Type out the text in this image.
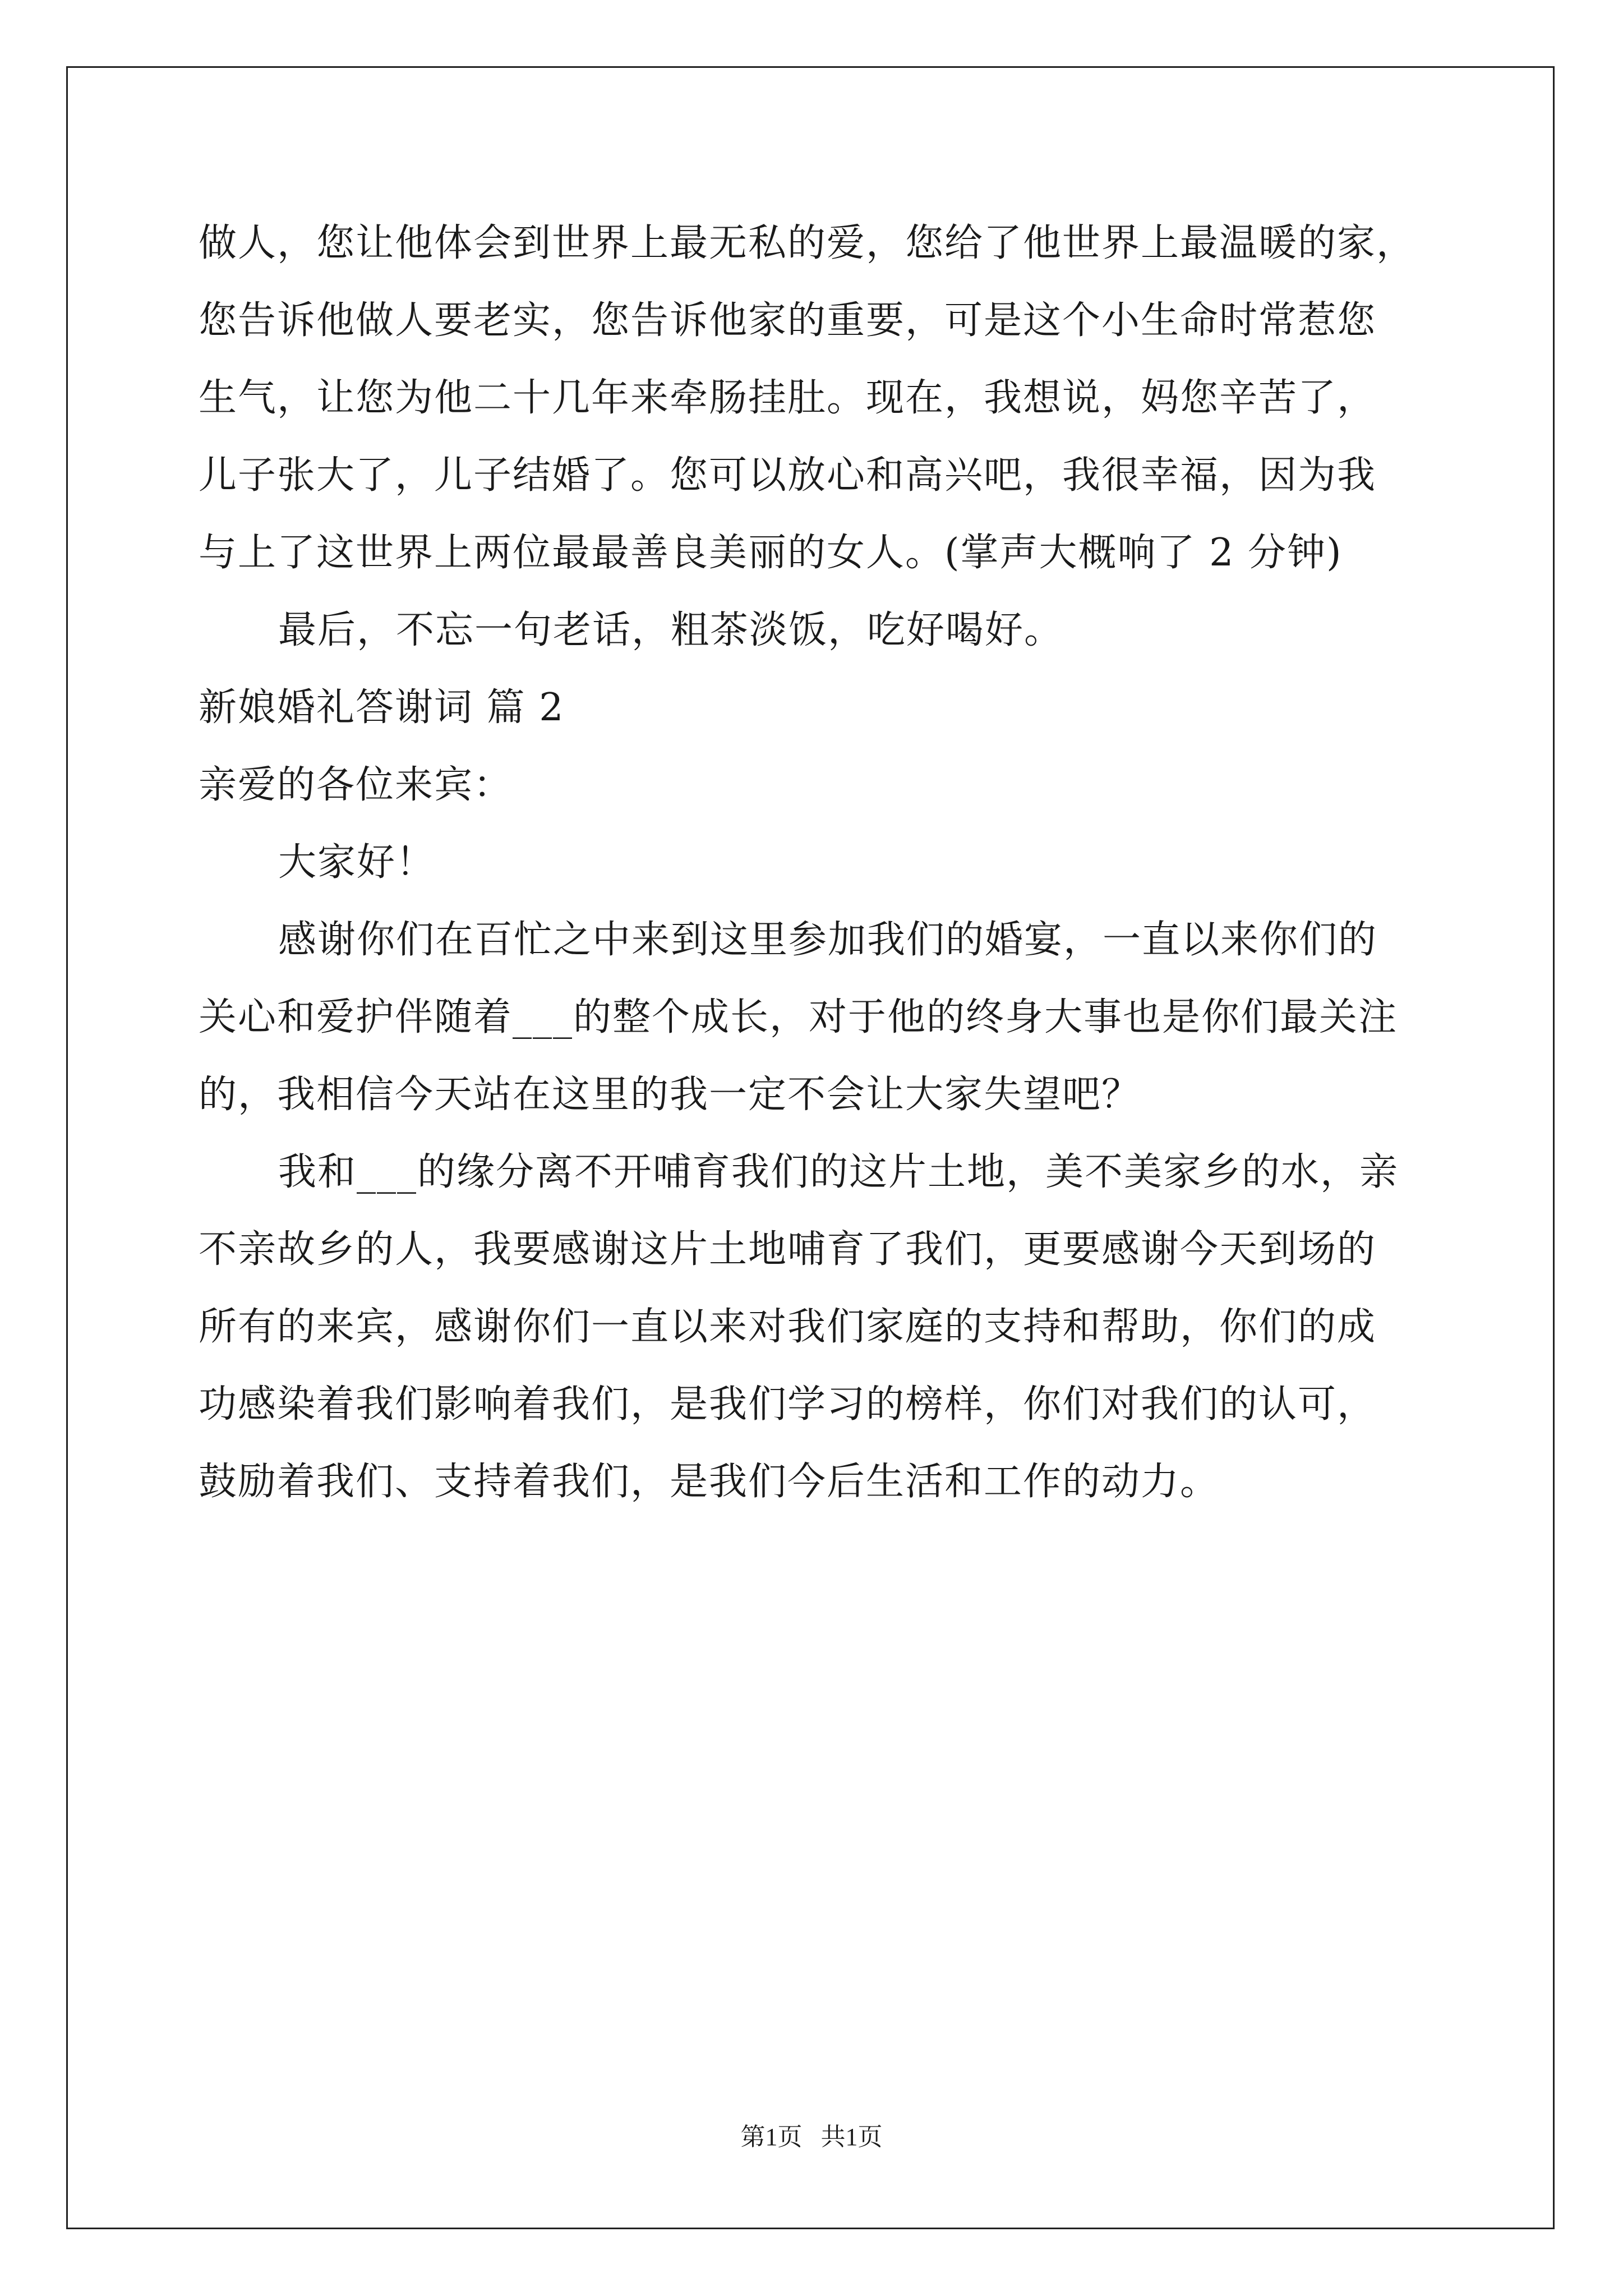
做人，您让他体会到世界上最无私的爱，您给了他世界上最温暖的家，
您告诉他做人要老实，您告诉他家的重要，可是这个小生命时常惹您
生气，让您为他二十几年来牵肠挂肚。现在，我想说，妈您辛苦了，
儿子张大了，儿子结婚了。您可以放心和高兴吧，我很幸福，因为我
与上了这世界上两位最最善良美丽的女人。(掌声大概响了 2 分钟)
最后，不忘一句老话，粗茶淡饭，吃好喝好。
新娘婚礼答谢词 篇 2
亲爱的各位来宾：
大家好！
感谢你们在百忙之中来到这里参加我们的婚宴，一直以来你们的
关心和爱护伴随着___的整个成长，对于他的终身大事也是你们最关注
的，我相信今天站在这里的我一定不会让大家失望吧？
我和___的缘分离不开哺育我们的这片土地，美不美家乡的水，亲
不亲故乡的人，我要感谢这片土地哺育了我们，更要感谢今天到场的
所有的来宾，感谢你们一直以来对我们家庭的支持和帮助，你们的成
功感染着我们影响着我们，是我们学习的榜样，你们对我们的认可，
鼓励着我们、支持着我们，是我们今后生活和工作的动力。
第1页   共1页
